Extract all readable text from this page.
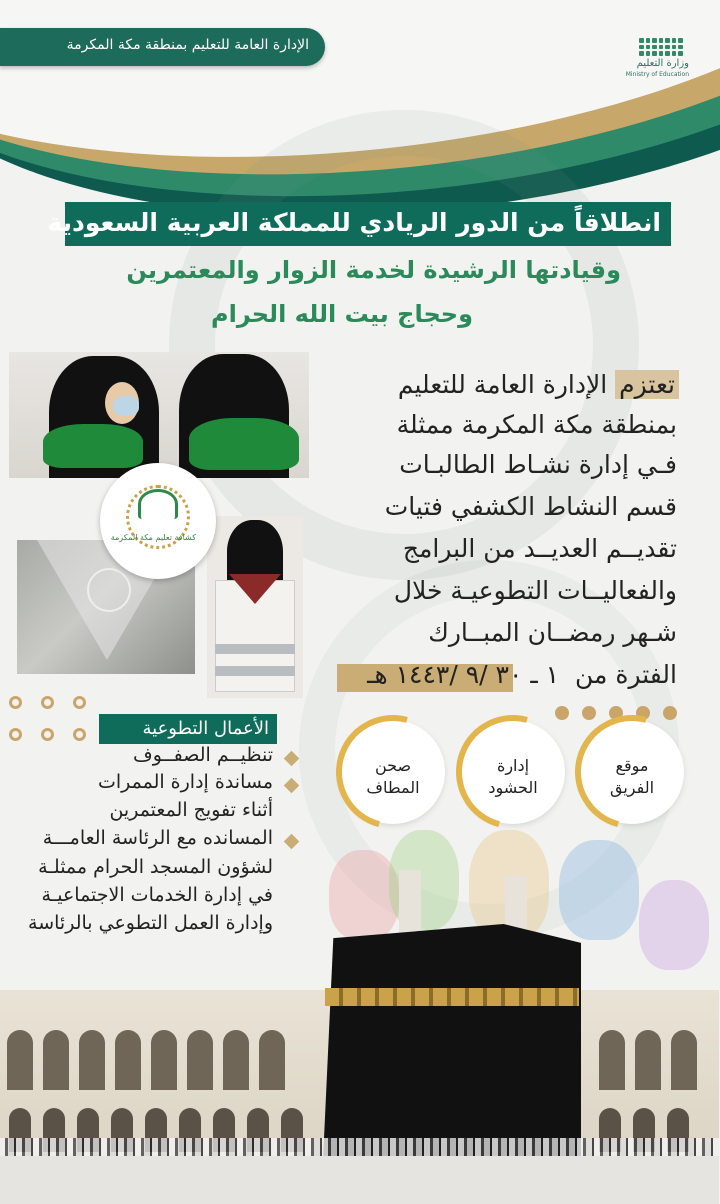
الإدارة العامة للتعليم بمنطقة مكة المكرمة
وزارة التعليم
Ministry of Education
انطلاقاً من الدور الريادي للمملكة العربية السعودية
وقيادتها الرشيدة لخدمة الزوار والمعتمرين
وحجاج بيت الله الحرام
كشافة تعليم مكة المكرمة
تعتزم الإدارة العامة للتعليم
بمنطقة مكة المكرمة ممثلة
فـي إدارة نشـاط الطالبـات
قسم النشاط الكشفي فتيات
تقديــم العديــد من البرامج
والفعاليــات التطوعيـة خلال
شـهر رمضــان المبــارك
الفترة من ١ ـ ٣٠ /٩ /١٤٤٣ هـ
الأعمال التطوعية
تنظيــم الصفــوف
مساندة إدارة الممرات
أثناء تفويج المعتمرين
المسانده مع الرئاسة العامـــة
لشؤون المسجد الحرام ممثلـة
في إدارة الخدمات الاجتماعيـة
وإدارة العمل التطوعي بالرئاسة
موقع
الفريق
إدارة
الحشود
صحن
المطاف
